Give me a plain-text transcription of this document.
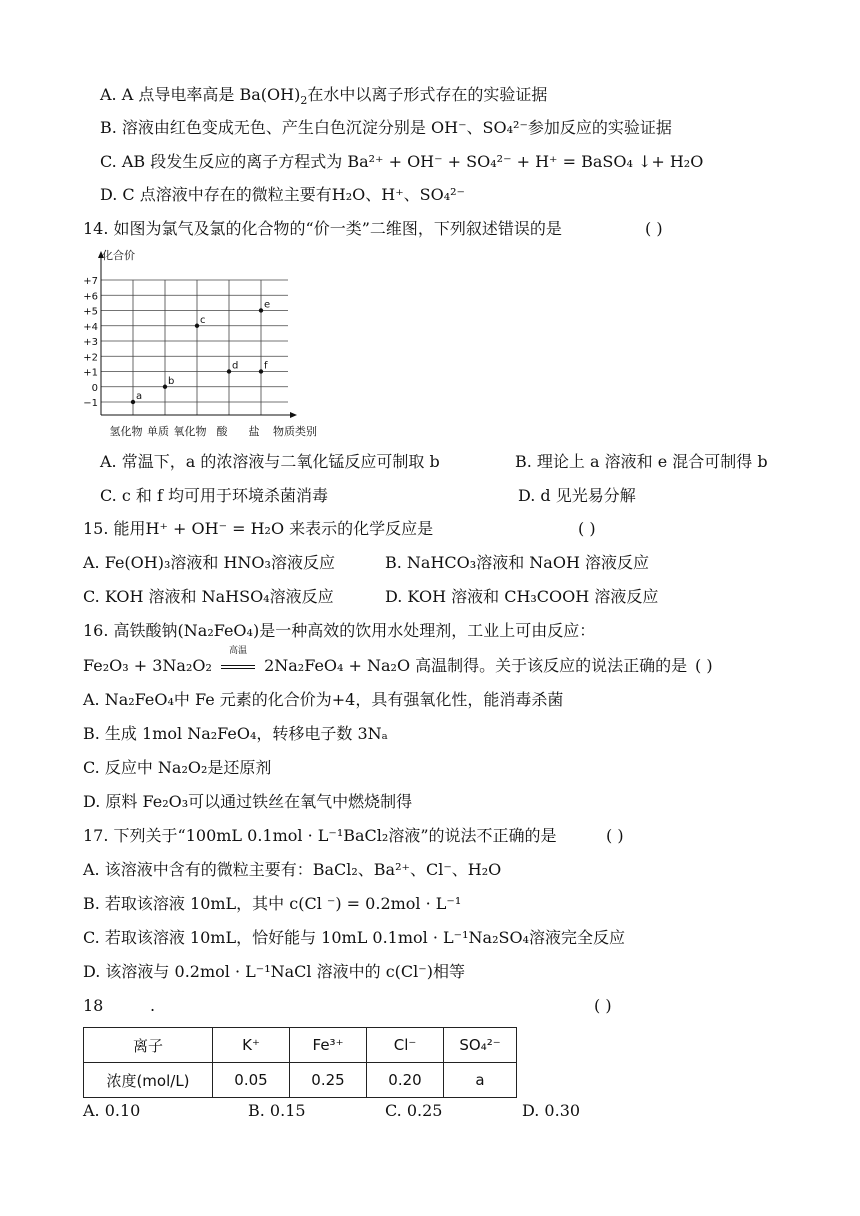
A. A 点导电率高是 $Ba(OH)_2$在水中以离子形式存在的实验证据
B. 溶液由红色变成无色、产生白色沉淀分别是 OH⁻、SO₄²⁻参加反应的实验证据
C. AB 段发生反应的离子方程式为 Ba²⁺ + OH⁻ + SO₄²⁻ + H⁺ = BaSO₄ ↓+ H₂O
D. C 点溶液中存在的微粒主要有H₂O、H⁺、SO₄²⁻
14. 如图为氯气及氯的化合物的“价一类”二维图，下列叙述错误的是	( )
+7
+6
+5
+4
+3
+2
+1
0
−1
氢化物 单质 氧化物 酸 盐
a
b
c
d
e
f
化合价
物质类别
A. 常温下，a 的浓溶液与二氧化锰反应可制取 b	B. 理论上 a 溶液和 e 混合可制得 b
C. c 和 f 均可用于环境杀菌消毒	D. d 见光易分解
15. 能用H⁺ + OH⁻ = H₂O 来表示的化学反应是	( )
A. Fe(OH)₃溶液和 HNO₃溶液反应	B. NaHCO₃溶液和 NaOH 溶液反应
C. KOH 溶液和 NaHSO₄溶液反应	D. KOH 溶液和 CH₃COOH 溶液反应
16. 高铁酸钠(Na₂FeO₄)是一种高效的饮用水处理剂，工业上可由反应：
Fe₂O₃ + 3Na₂O₂
高温
2Na₂FeO₄ + Na₂O 高温制得。关于该反应的说法正确的是 ( )
A. Na₂FeO₄中 Fe 元素的化合价为+4，具有强氧化性，能消毒杀菌
B. 生成 1mol Na₂FeO₄，转移电子数 3Nₐ
C. 反应中 Na₂O₂是还原剂
D. 原料 Fe₂O₃可以通过铁丝在氧气中燃烧制得
17. 下列关于“100mL 0.1mol · L⁻¹BaCl₂溶液”的说法不正确的是	( )
A. 该溶液中含有的微粒主要有：BaCl₂、Ba²⁺、Cl⁻、H₂O
B. 若取该溶液 10mL，其中 c(Cl ⁻) = 0.2mol · L⁻¹
C. 若取该溶液 10mL，恰好能与 10mL 0.1mol · L⁻¹Na₂SO₄溶液完全反应
D. 该溶液与 0.2mol · L⁻¹NaCl 溶液中的 c(Cl⁻)相等
18	.	( )
离子	K⁺	Fe³⁺	Cl⁻	SO₄²⁻
浓度(mol/L)	0.05	0.25	0.20	a
A. 0.10	B. 0.15	C. 0.25	D. 0.30
